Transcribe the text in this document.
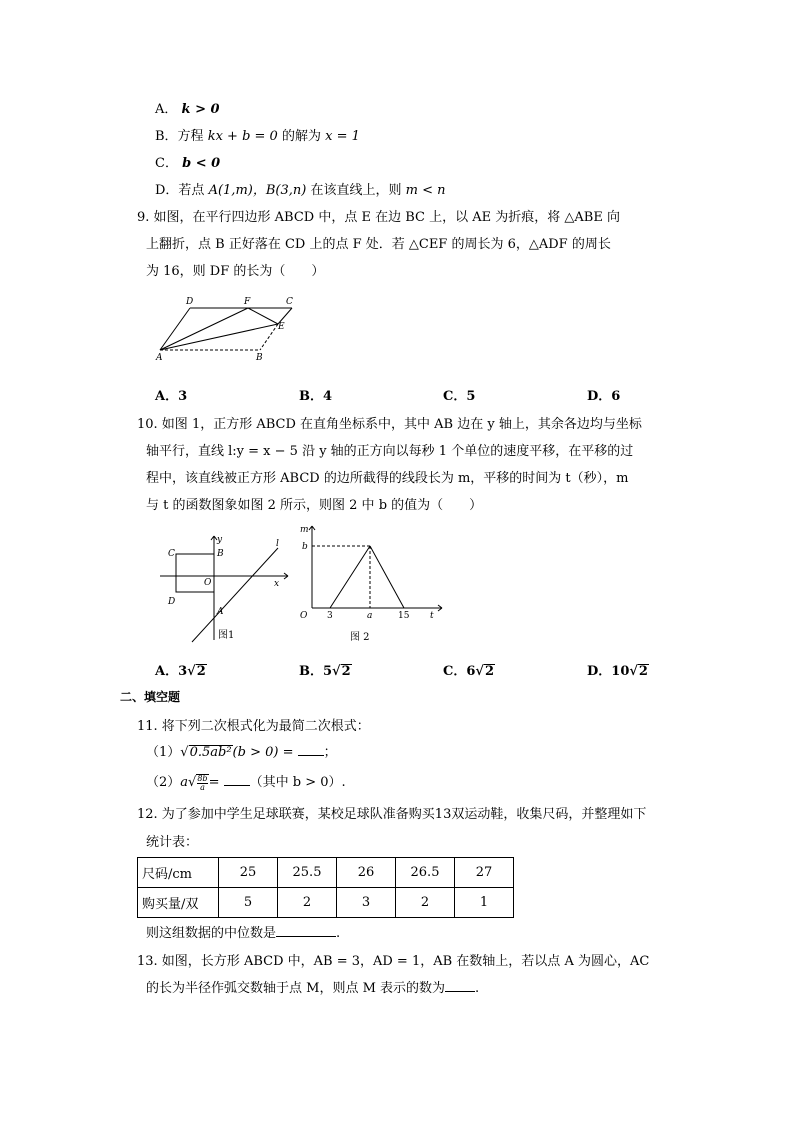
A． k > 0
B．方程 kx + b = 0 的解为 x = 1
C． b < 0
D．若点 A(1,m)，B(3,n) 在该直线上，则 m < n
9. 如图，在平行四边形 ABCD 中，点 E 在边 BC 上，以 AE 为折痕，将 △ABE 向
上翻折，点 B 正好落在 CD 上的点 F 处．若 △CEF 的周长为 6，△ADF 的周长
为 16，则 DF 的长为（　　）
D	F	C
E
A	B
A．3	B．4	C．5	D．6
10. 如图 1，正方形 ABCD 在直角坐标系中，其中 AB 边在 y 轴上，其余各边均与坐标
轴平行，直线 l:y = x − 5 沿 y 轴的正方向以每秒 1 个单位的速度平移，在平移的过
程中，该直线被正方形 ABCD 的边所截得的线段长为 m，平移的时间为 t（秒），m
与 t 的函数图象如图 2 所示，则图 2 中 b 的值为（　　）
C	B
y
O	x
l
D
A
图1
m
b
O	a	t
3	15
图 2
A．3√2	B．5√2	C．6√2	D．10√2
二、填空题
11. 将下列二次根式化为最简二次根式：
（1）√0.5ab²(b > 0) = ；
$(2)a√ \frac{8b}{a}$ = （其中 b > 0）.
12. 为了参加中学生足球联赛，某校足球队准备购买13双运动鞋，收集尺码，并整理如下
统计表：
尺码/cm	25	25.5	26	26.5	27
购买量/双	5	2	3	2	1
则这组数据的中位数是	.
13. 如图，长方形 ABCD 中，AB = 3，AD = 1，AB 在数轴上，若以点 A 为圆心，AC
的长为半径作弧交数轴于点 M，则点 M 表示的数为 .
